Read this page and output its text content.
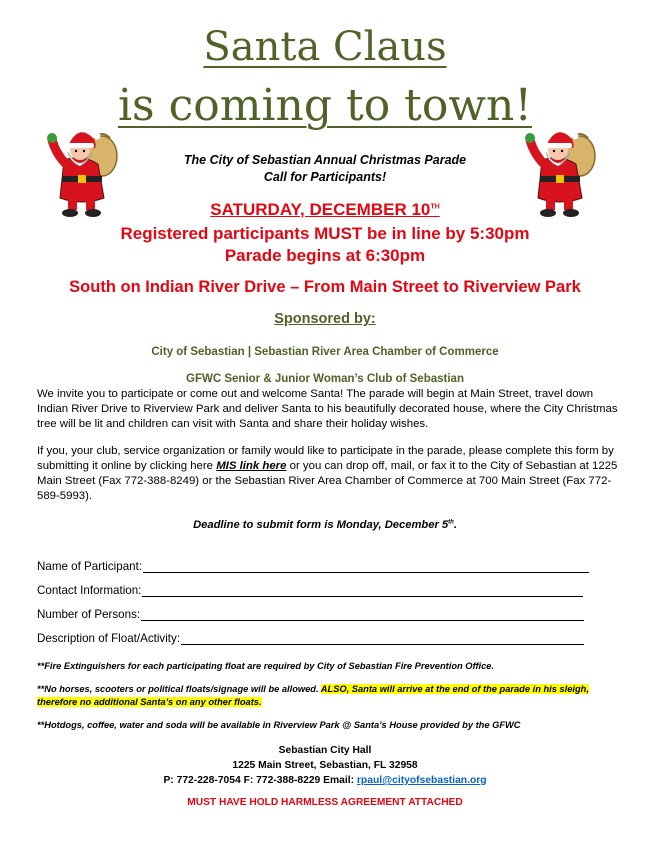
Santa Claus
is coming to town!
The City of Sebastian Annual Christmas Parade
Call for Participants!
SATURDAY, DECEMBER 10TH
Registered participants MUST be in line by 5:30pm
Parade begins at 6:30pm
South on Indian River Drive – From Main Street to Riverview Park
Sponsored by:
City of Sebastian | Sebastian River Area Chamber of Commerce
GFWC Senior & Junior Woman’s Club of Sebastian
We invite you to participate or come out and welcome Santa! The parade will begin at Main Street, travel down Indian River Drive to Riverview Park and deliver Santa to his beautifully decorated house, where the City Christmas tree will be lit and children can visit with Santa and share their holiday wishes.
If you, your club, service organization or family would like to participate in the parade, please complete this form by submitting it online by clicking here MIS link here or you can drop off, mail, or fax it to the City of Sebastian at 1225 Main Street (Fax 772-388-8249) or the Sebastian River Area Chamber of Commerce at 700 Main Street (Fax 772-589-5993).
Deadline to submit form is Monday, December 5th.
Name of Participant:
Contact Information:
Number of Persons:
Description of Float/Activity:
**Fire Extinguishers for each participating float are required by City of Sebastian Fire Prevention Office.
**No horses, scooters or political floats/signage will be allowed. ALSO, Santa will arrive at the end of the parade in his sleigh, therefore no additional Santa’s on any other floats.
**Hotdogs, coffee, water and soda will be available in Riverview Park @ Santa’s House provided by the GFWC
Sebastian City Hall
1225 Main Street, Sebastian, FL 32958
P: 772-228-7054 F: 772-388-8229 Email: rpaul@cityofsebastian.org
MUST HAVE HOLD HARMLESS AGREEMENT ATTACHED
